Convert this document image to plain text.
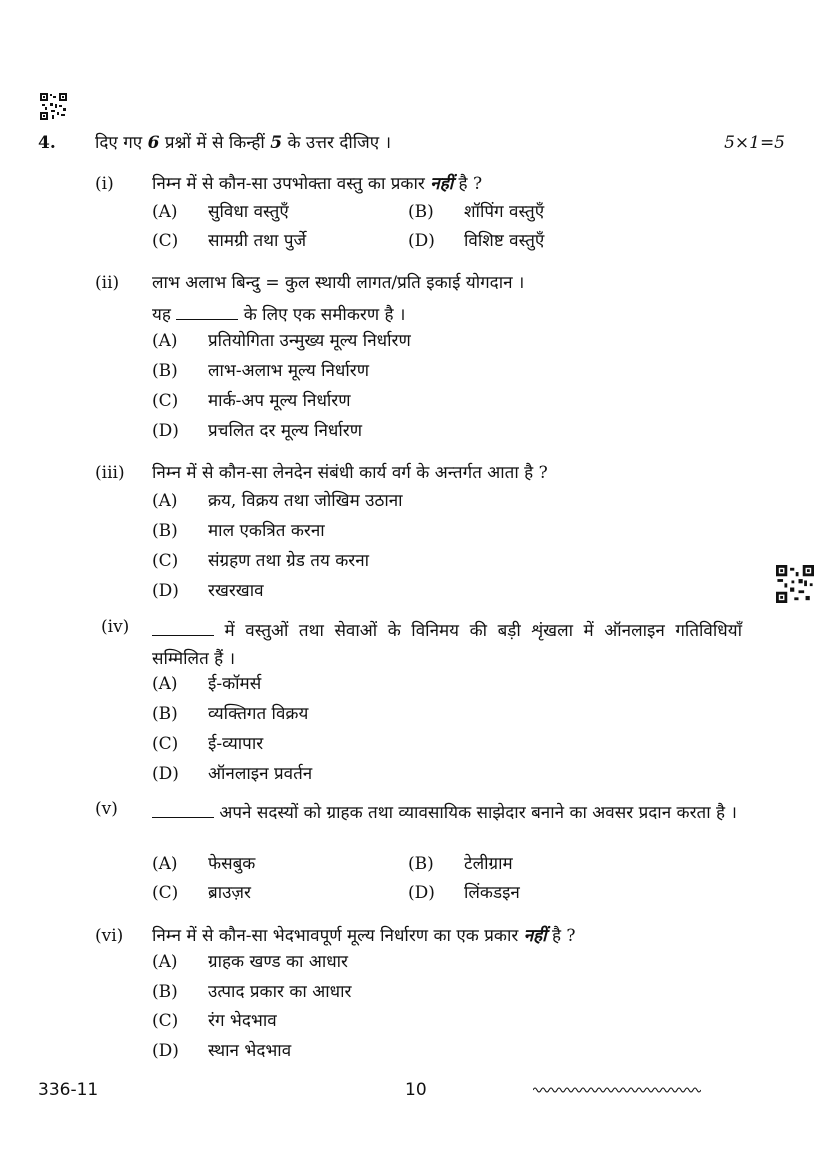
4. दिए गए 6 प्रश्नों में से किन्हीं 5 के उत्तर दीजिए ।	5×1=5
(i) निम्न में से कौन-सा उपभोक्ता वस्तु का प्रकार नहीं है ?
(A) सुविधा वस्तुएँ	(B) शॉपिंग वस्तुएँ
(C) सामग्री तथा पुर्जे	(D) विशिष्ट वस्तुएँ
(ii) लाभ अलाभ बिन्दु = कुल स्थायी लागत/प्रति इकाई योगदान ।
यह	के लिए एक समीकरण है ।
(A) प्रतियोगिता उन्मुख्य मूल्य निर्धारण
(B) लाभ-अलाभ मूल्य निर्धारण
(C) मार्क-अप मूल्य निर्धारण
(D) प्रचलित दर मूल्य निर्धारण
(iii) निम्न में से कौन-सा लेनदेन संबंधी कार्य वर्ग के अन्तर्गत आता है ?
(A) क्रय, विक्रय तथा जोखिम उठाना
(B) माल एकत्रित करना
(C) संग्रहण तथा ग्रेड तय करना
(D) रखरखाव
(iv)	में वस्तुओं तथा सेवाओं के विनिमय की बड़ी शृंखला में ऑनलाइन गतिविधियाँ सम्मिलित हैं ।
(A) ई-कॉमर्स
(B) व्यक्तिगत विक्रय
(C) ई-व्यापार
(D) ऑनलाइन प्रवर्तन
(v)	अपने सदस्यों को ग्राहक तथा व्यावसायिक साझेदार बनाने का अवसर प्रदान करता है ।
(A) फेसबुक	(B) टेलीग्राम
(C) ब्राउज़र	(D) लिंकडइन
(vi) निम्न में से कौन-सा भेदभावपूर्ण मूल्य निर्धारण का एक प्रकार नहीं है ?
(A) ग्राहक खण्ड का आधार
(B) उत्पाद प्रकार का आधार
(C) रंग भेदभाव
(D) स्थान भेदभाव
336-11	10
